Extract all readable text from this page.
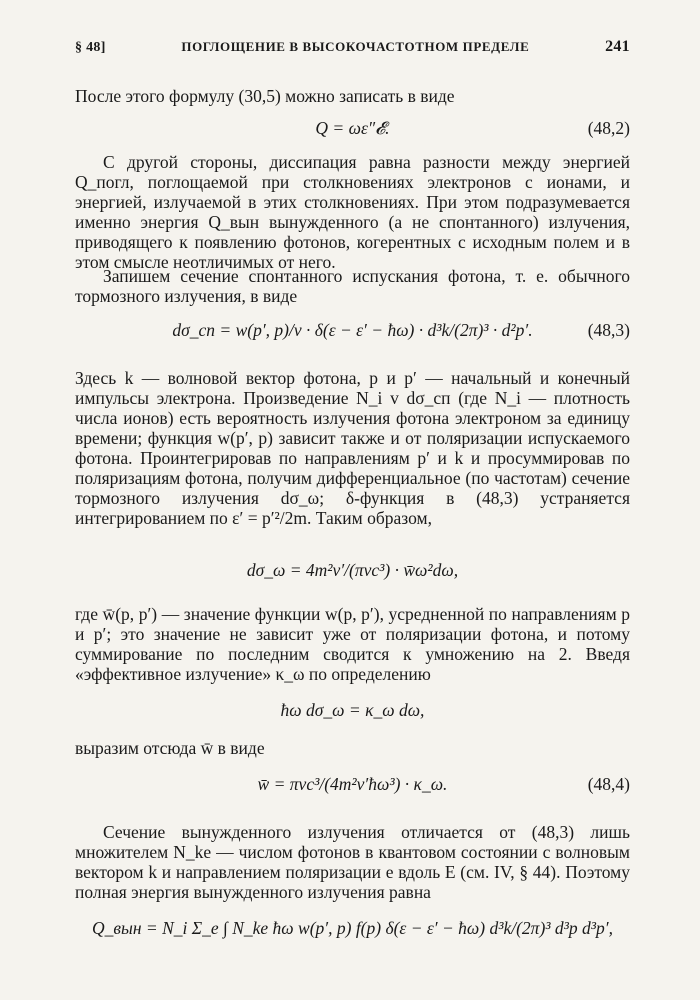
§ 48]	ПОГЛОЩЕНИЕ В ВЫСОКОЧАСТОТНОМ ПРЕДЕЛЕ	241
После этого формулу (30,5) можно записать в виде
Q = ωε″𝓔.	(48,2)
С другой стороны, диссипация равна разности между энергией Q_погл, поглощаемой при столкновениях электронов с ионами, и энергией, излучаемой в этих столкновениях. При этом подразумевается именно энергия Q_вын вынужденного (а не спонтанного) излучения, приводящего к появлению фотонов, когерентных с исходным полем и в этом смысле неотличимых от него.
Запишем сечение спонтанного испускания фотона, т. е. обычного тормозного излучения, в виде
dσ_сп = w(p′, p)/v · δ(ε − ε′ − ħω) · d³k/(2π)³ · d²p′.	(48,3)
Здесь k — волновой вектор фотона, p и p′ — начальный и конечный импульсы электрона. Произведение N_i v dσ_сп (где N_i — плотность числа ионов) есть вероятность излучения фотона электроном за единицу времени; функция w(p′, p) зависит также и от поляризации испускаемого фотона. Проинтегрировав по направлениям p′ и k и просуммировав по поляризациям фотона, получим дифференциальное (по частотам) сечение тормозного излучения dσ_ω; δ-функция в (48,3) устраняется интегрированием по ε′ = p′²/2m. Таким образом,
dσ_ω = 4m²v′/(πνc³) · w̄ω²dω,
где w̄(p, p′) — значение функции w(p, p′), усредненной по направлениям p и p′; это значение не зависит уже от поляризации фотона, и потому суммирование по последним сводится к умножению на 2. Введя «эффективное излучение» κ_ω по определению
ħω dσ_ω = κ_ω dω,
выразим отсюда w̄ в виде
w̄ = πνc³/(4m²v′ħω³) · κ_ω.	(48,4)
Сечение вынужденного излучения отличается от (48,3) лишь множителем N_ke — числом фотонов в квантовом состоянии с волновым вектором k и направлением поляризации e вдоль E (см. IV, § 44). Поэтому полная энергия вынужденного излучения равна
Q_вын = N_i Σ_e ∫ N_ke ħω w(p′, p) f(p) δ(ε − ε′ − ħω) d³k/(2π)³ d³p d³p′,
